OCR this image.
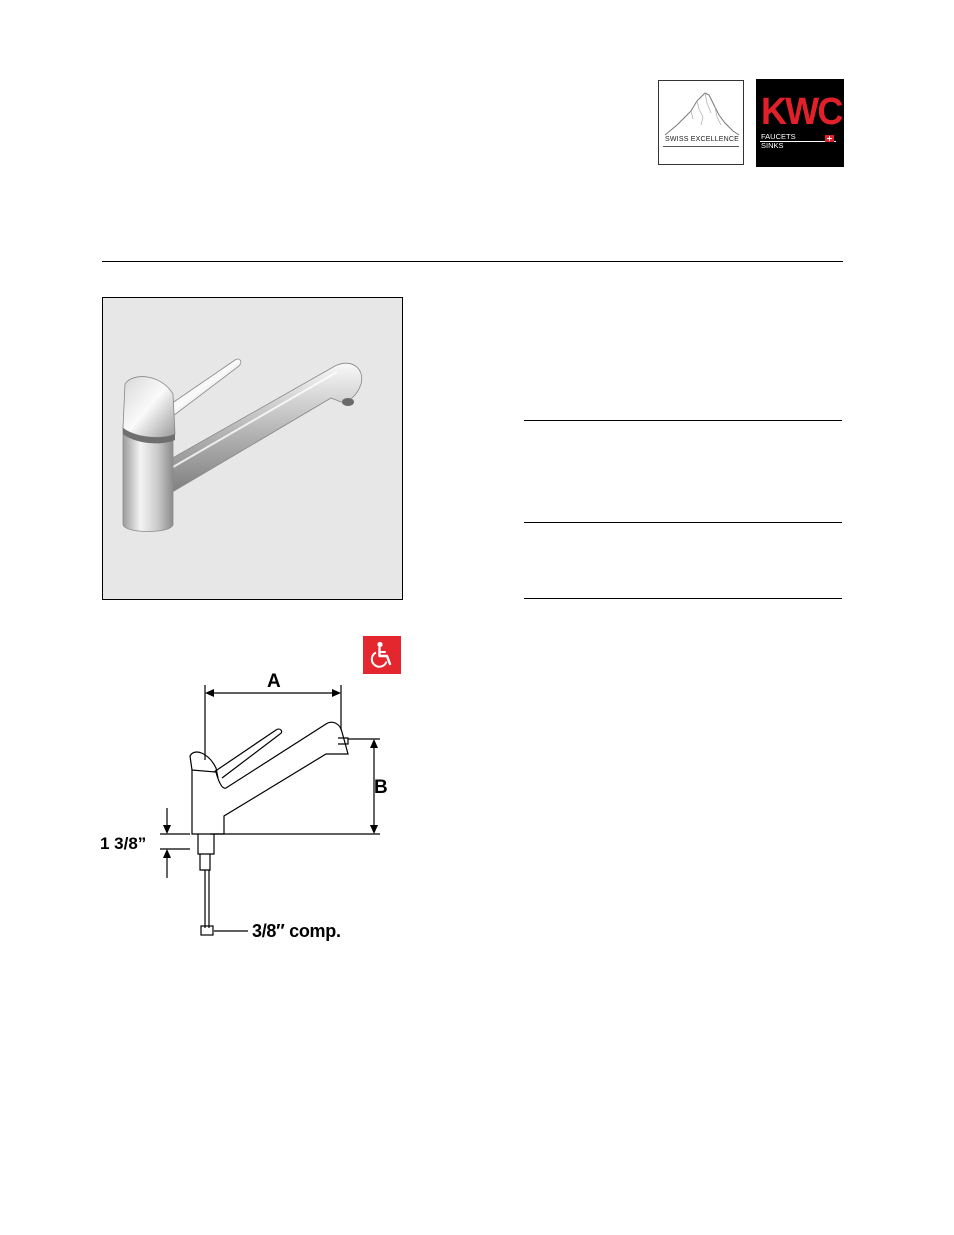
SWISS EXCELLENCE
KWC
FAUCETS
SINKS
A
B
1 3/8”
3/8″ comp.
